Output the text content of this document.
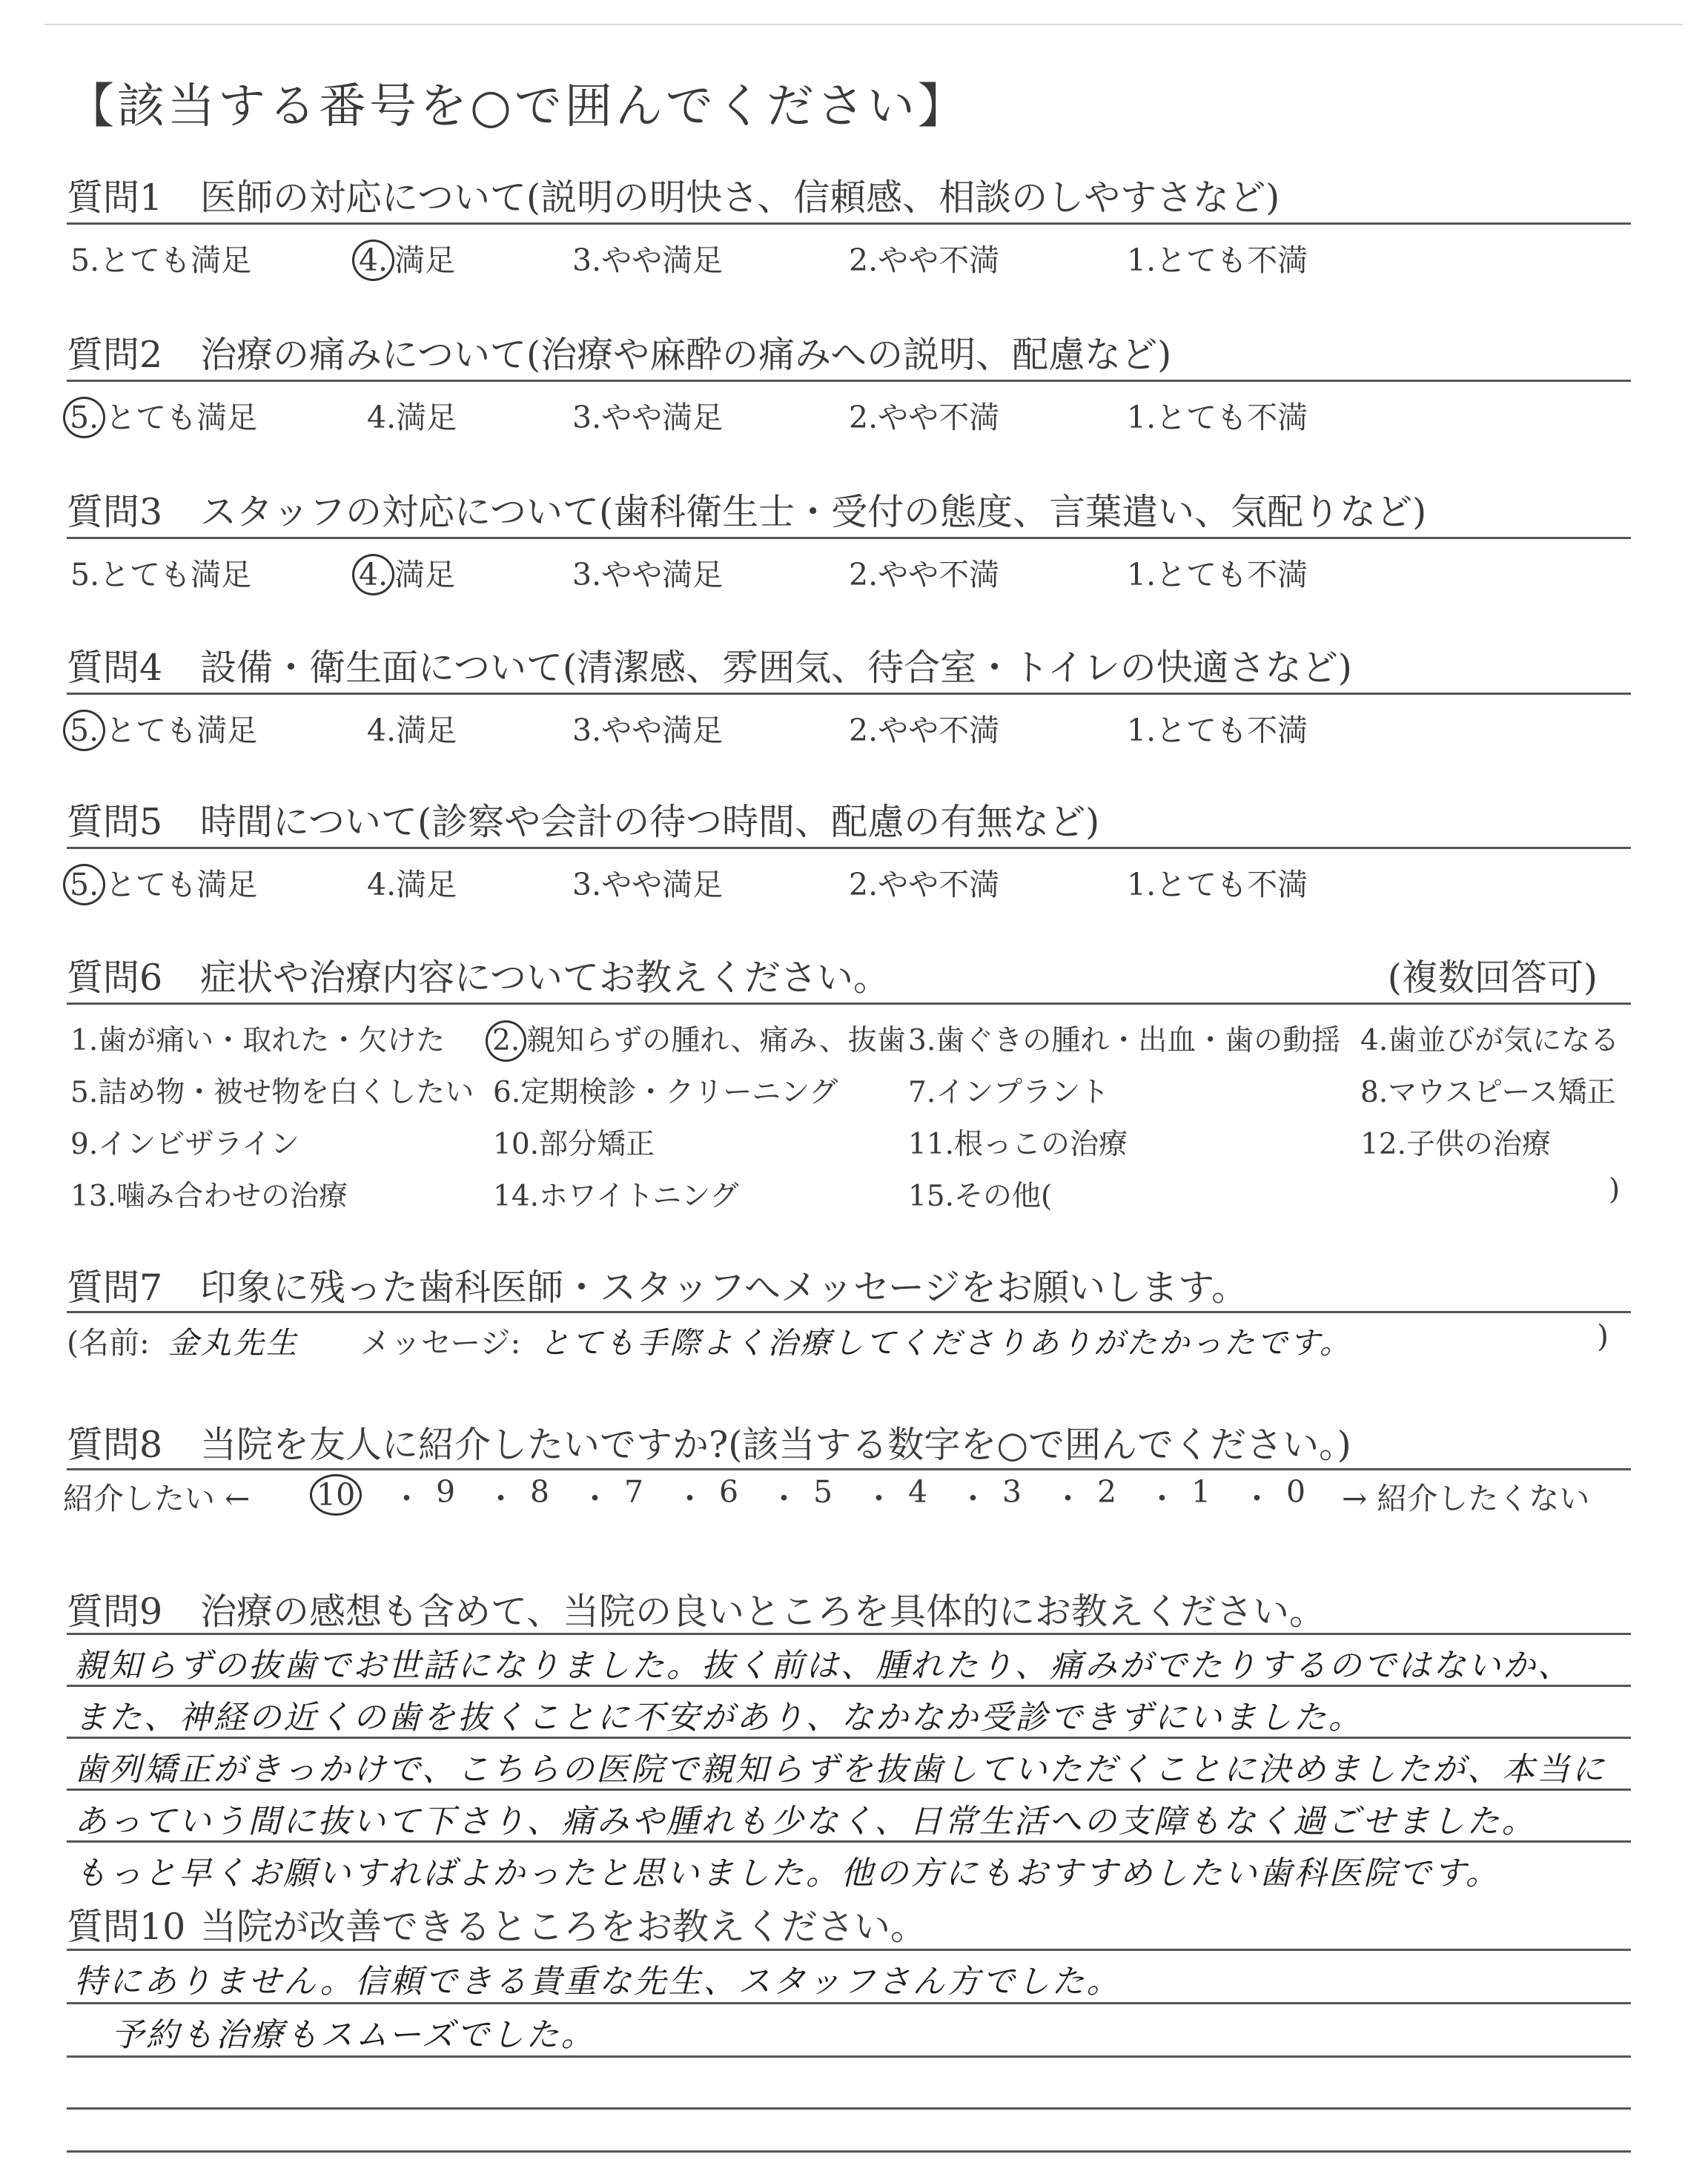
【該当する番号を○で囲んでください】
質問1 医師の対応について(説明の明快さ、信頼感、相談のしやすさなど)
5.とても満足	4. 満足	3.やや満足	2.やや不満	1.とても不満
質問2 治療の痛みについて(治療や麻酔の痛みへの説明、配慮など)
5. とても満足	4.満足	3.やや満足	2.やや不満	1.とても不満
質問3 スタッフの対応について(歯科衛生士・受付の態度、言葉遣い、気配りなど)
5.とても満足	4. 満足	3.やや満足	2.やや不満	1.とても不満
質問4 設備・衛生面について(清潔感、雰囲気、待合室・トイレの快適さなど)
5. とても満足	4.満足	3.やや満足	2.やや不満	1.とても不満
質問5 時間について(診察や会計の待つ時間、配慮の有無など)
5. とても満足	4.満足	3.やや満足	2.やや不満	1.とても不満
質問6 症状や治療内容についてお教えください。	(複数回答可)
1.歯が痛い・取れた・欠けた 2. 親知らずの腫れ、痛み、抜歯 3.歯ぐきの腫れ・出血・歯の動揺 4.歯並びが気になる
5.詰め物・被せ物を白くしたい 6.定期検診・クリーニング 7.インプラント	8.マウスピース矯正
9.インビザライン	10.部分矯正	11.根っこの治療	12.子供の治療
13.噛み合わせの治療	14.ホワイトニング	15.その他(	)
質問7 印象に残った歯科医師・スタッフへメッセージをお願いします。
(名前: 金丸先生 メッセージ: とても手際よく治療してくださりありがたかったです。	)
質問8 当院を友人に紹介したいですか?(該当する数字を○で囲んでください。)
紹介したい ← 10 ・ 9 ・ 8 ・ 7 ・ 6 ・ 5 ・ 4 ・ 3 ・ 2 ・ 1 ・ 0 → 紹介したくない
質問9 治療の感想も含めて、当院の良いところを具体的にお教えください。
親知らずの抜歯でお世話になりました。抜く前は、腫れたり、痛みがでたりするのではないか、
また、神経の近くの歯を抜くことに不安があり、なかなか受診できずにいました。
歯列矯正がきっかけで、こちらの医院で親知らずを抜歯していただくことに決めましたが、本当に
あっていう間に抜いて下さり、痛みや腫れも少なく、日常生活への支障もなく過ごせました。
もっと早くお願いすればよかったと思いました。他の方にもおすすめしたい歯科医院です。
質問10 当院が改善できるところをお教えください。
特にありません。信頼できる貴重な先生、スタッフさん方でした。
予約も治療もスムーズでした。
